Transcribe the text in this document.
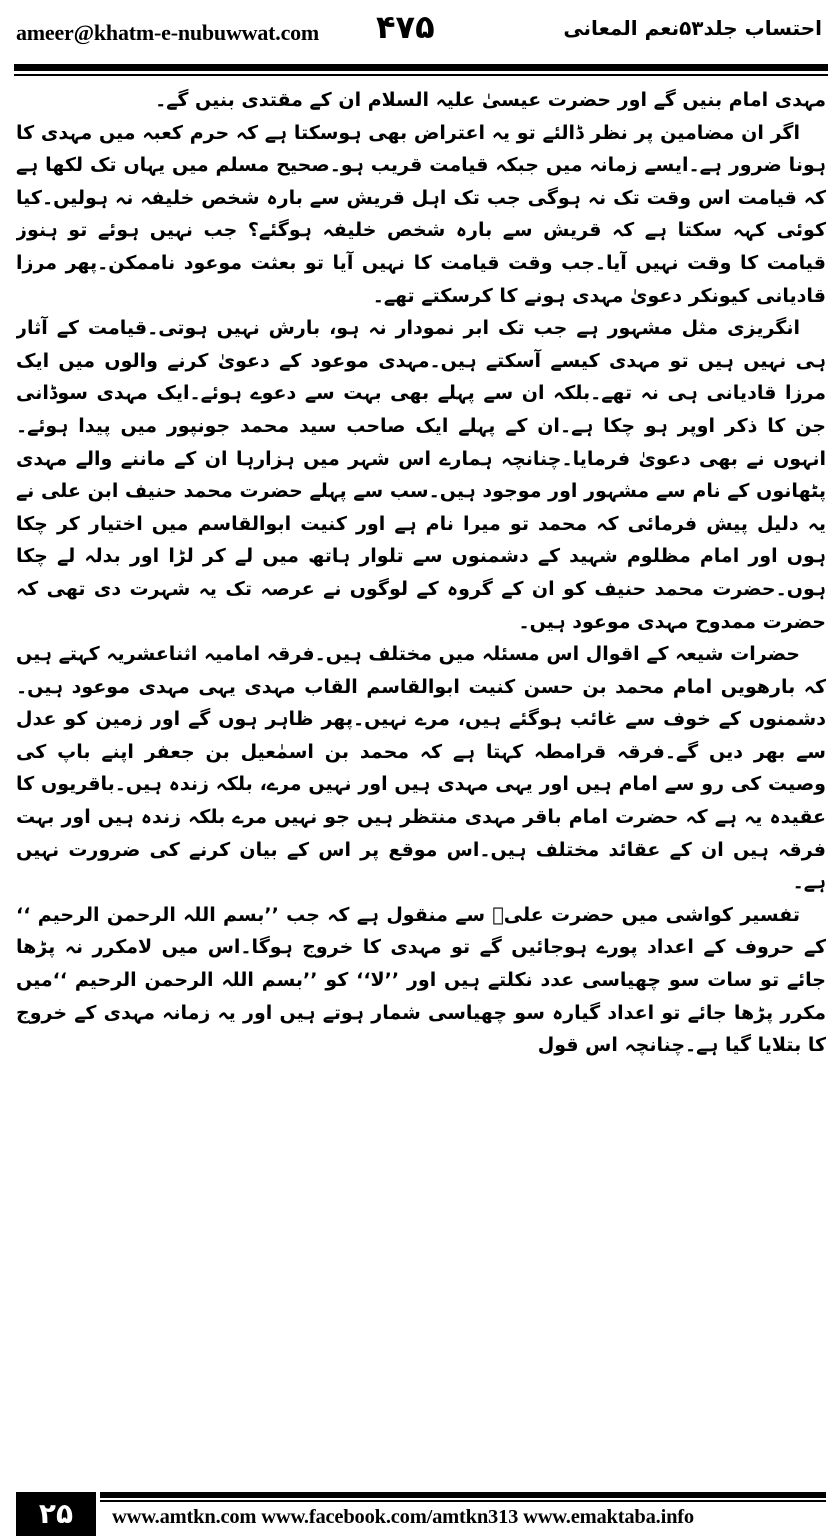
ameer@khatm-e-nubuwwat.com ۴۷۵	احتساب جلد۵۳نعم المعانی

مہدی امام بنیں گے اور حضرت عیسیٰ علیہ السلام ان کے مقتدی بنیں گے۔

اگر ان مضامین پر نظر ڈالئے تو یہ اعتراض بھی ہوسکتا ہے کہ حرم کعبہ میں مہدی کا ہونا ضرور ہے۔ایسے زمانہ میں جبکہ قیامت قریب ہو۔صحیح مسلم میں یہاں تک لکھا ہے کہ قیامت اس وقت تک نہ ہوگی جب تک اہل قریش سے بارہ شخص خلیفہ نہ ہولیں۔کیا کوئی کہہ سکتا ہے کہ قریش سے بارہ شخص خلیفہ ہوگئے؟ جب نہیں ہوئے تو ہنوز قیامت کا وقت نہیں آیا۔جب وقت قیامت کا نہیں آیا تو بعثت موعود ناممکن۔پھر مرزا قادیانی کیونکر دعویٰ مہدی ہونے کا کرسکتے تھے۔

انگریزی مثل مشہور ہے جب تک ابر نمودار نہ ہو، بارش نہیں ہوتی۔قیامت کے آثار ہی نہیں ہیں تو مہدی کیسے آسکتے ہیں۔مہدی موعود کے دعویٰ کرنے والوں میں ایک مرزا قادیانی ہی نہ تھے۔بلکہ ان سے پہلے بھی بہت سے دعوے ہوئے۔ایک مہدی سوڈانی جن کا ذکر اوپر ہو چکا ہے۔ان کے پہلے ایک صاحب سید محمد جونپور میں پیدا ہوئے۔انہوں نے بھی دعویٰ فرمایا۔چنانچہ ہمارے اس شہر میں ہزارہا ان کے ماننے والے مہدی پٹھانوں کے نام سے مشہور اور موجود ہیں۔سب سے پہلے حضرت محمد حنیف ابن علی نے یہ دلیل پیش فرمائی کہ محمد تو میرا نام ہے اور کنیت ابوالقاسم میں اختیار کر چکا ہوں اور امام مظلوم شہید کے دشمنوں سے تلوار ہاتھ میں لے کر لڑا اور بدلہ لے چکا ہوں۔حضرت محمد حنیف کو ان کے گروہ کے لوگوں نے عرصہ تک یہ شہرت دی تھی کہ حضرت ممدوح مہدی موعود ہیں۔

حضرات شیعہ کے اقوال اس مسئلہ میں مختلف ہیں۔فرقہ امامیہ اثناعشریہ کہتے ہیں کہ بارھویں امام محمد بن حسن کنیت ابوالقاسم القاب مہدی یہی مہدی موعود ہیں۔دشمنوں کے خوف سے غائب ہوگئے ہیں، مرے نہیں۔پھر ظاہر ہوں گے اور زمین کو عدل سے بھر دیں گے۔فرقہ قرامطہ کہتا ہے کہ محمد بن اسمٰعیل بن جعفر اپنے باپ کی وصیت کی رو سے امام ہیں اور یہی مہدی ہیں اور نہیں مرے، بلکہ زندہ ہیں۔باقریوں کا عقیدہ یہ ہے کہ حضرت امام باقر مہدی منتظر ہیں جو نہیں مرے بلکہ زندہ ہیں اور بہت فرقہ ہیں ان کے عقائد مختلف ہیں۔اس موقع پر اس کے بیان کرنے کی ضرورت نہیں ہے۔

تفسیر کواشی میں حضرت علیؓ سے منقول ہے کہ جب ’’بسم اللہ الرحمن الرحیم ‘‘ کے حروف کے اعداد پورے ہوجائیں گے تو مہدی کا خروج ہوگا۔اس میں لامکرر نہ پڑھا جائے تو سات سو چھیاسی عدد نکلتے ہیں اور ’’لا‘‘ کو ’’بسم اللہ الرحمن الرحیم ‘‘میں مکرر پڑھا جائے تو اعداد گیارہ سو چھیاسی شمار ہوتے ہیں اور یہ زمانہ مہدی کے خروج کا بتلایا گیا ہے۔چنانچہ اس قول

۲۵	www.amtkn.com www.facebook.com/amtkn313 www.emaktaba.info
